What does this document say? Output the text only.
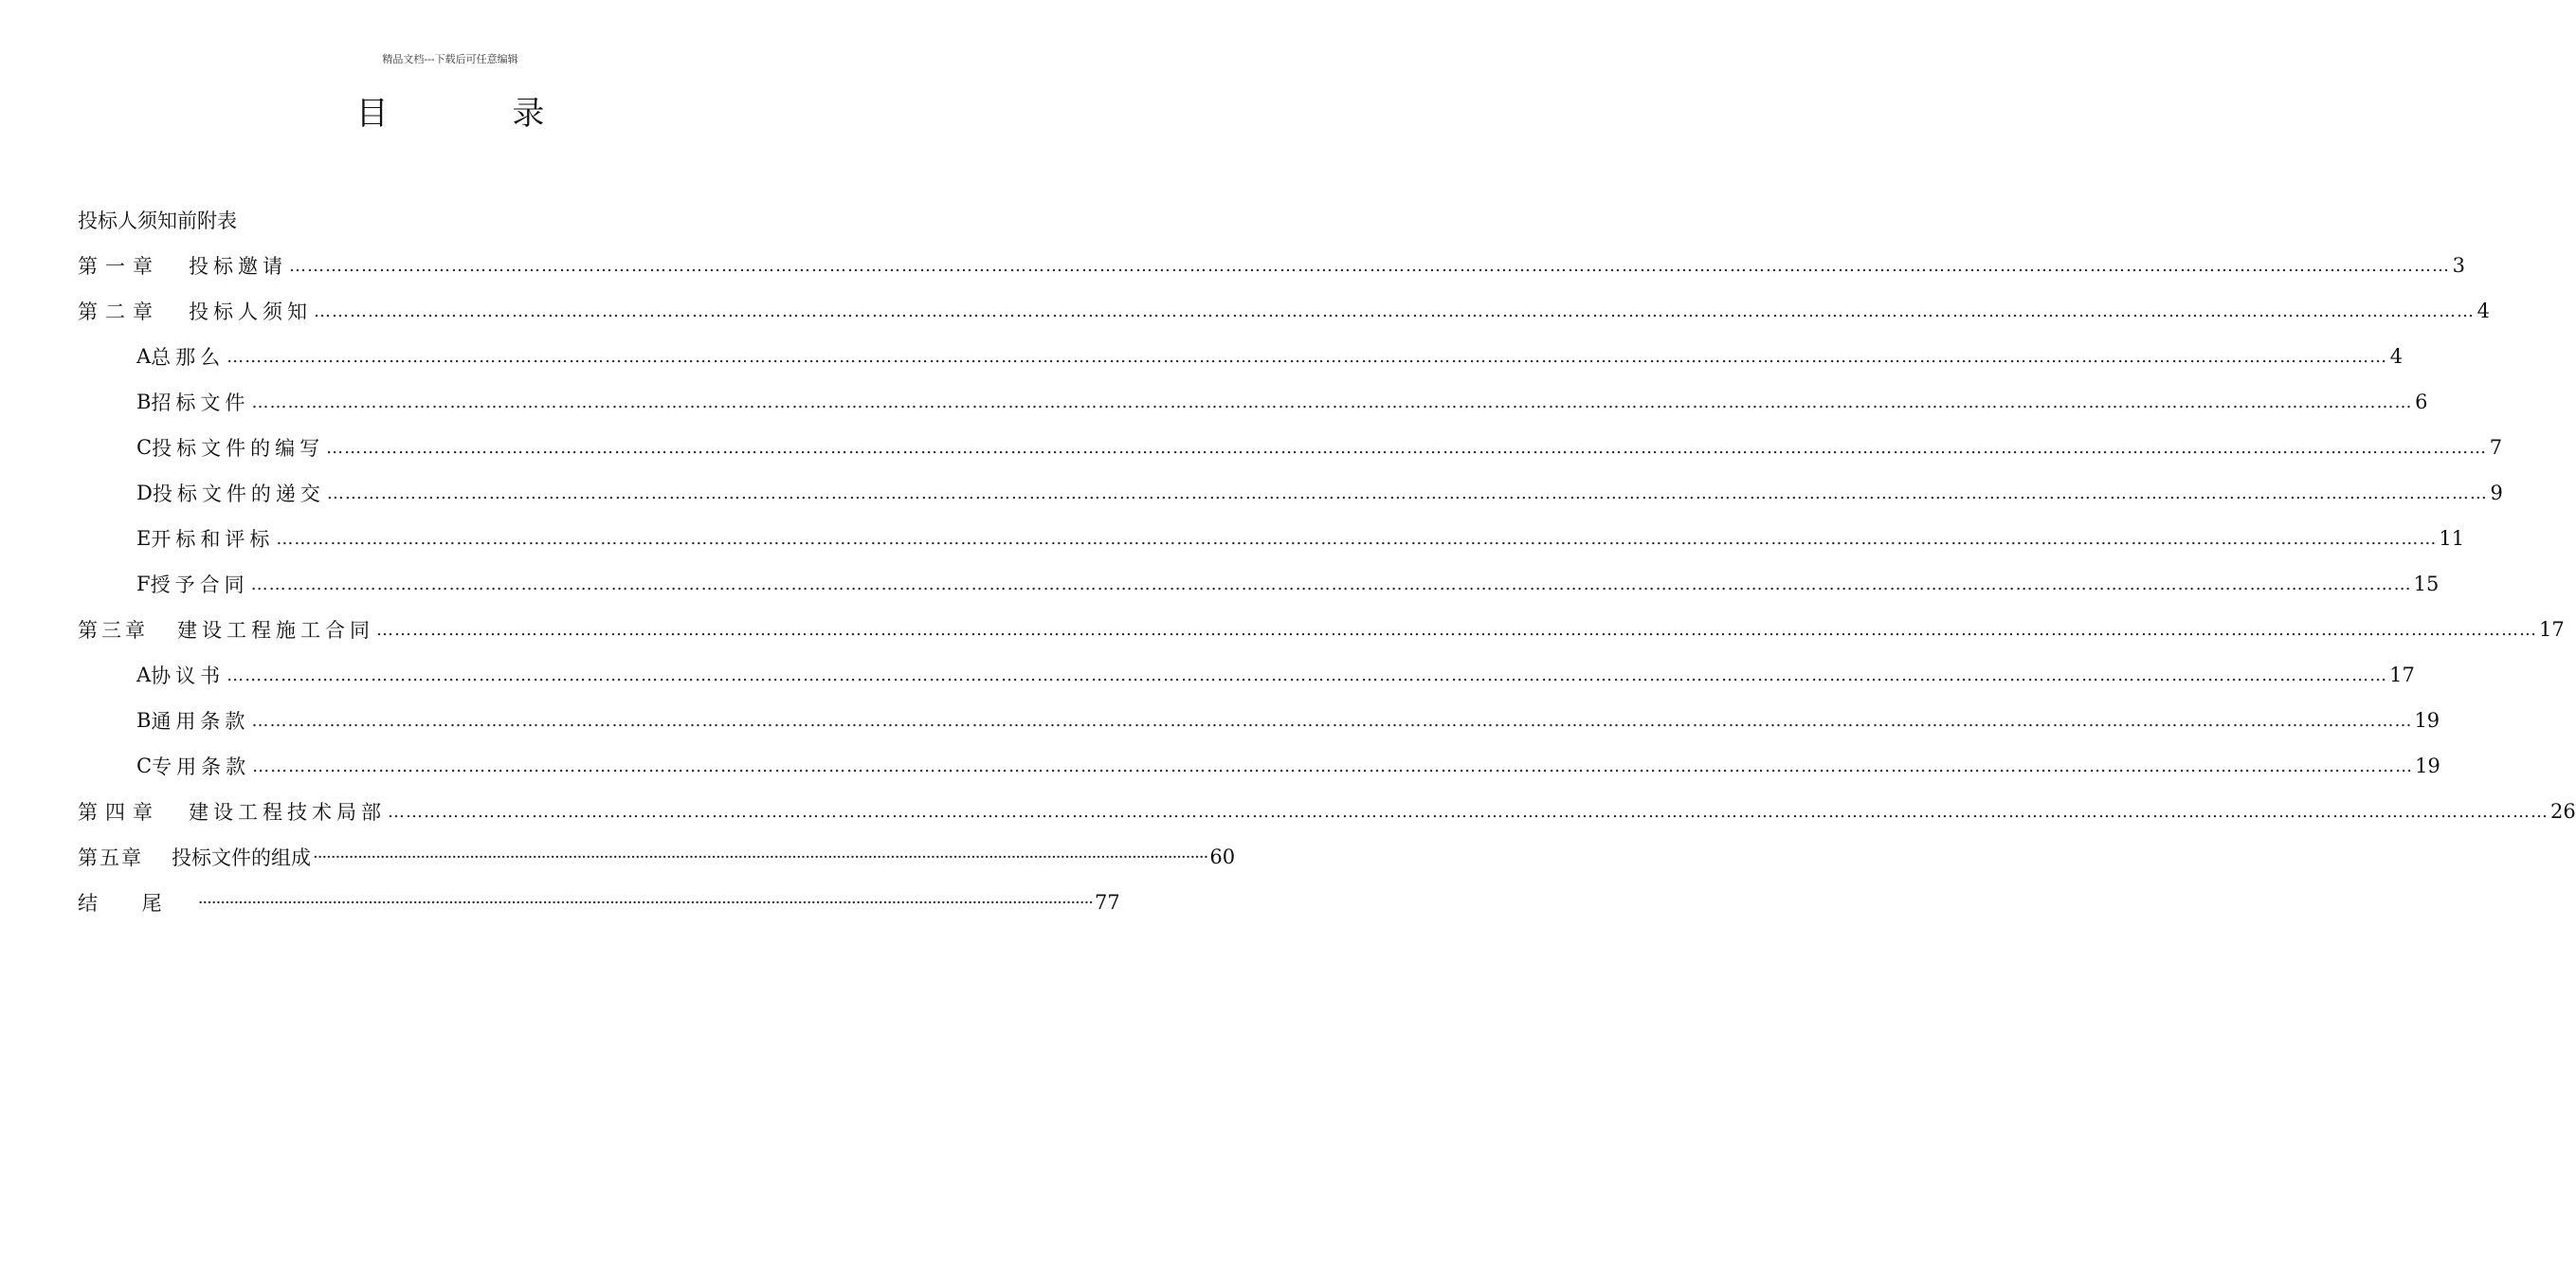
精品文档---下载后可任意编辑
目 录
投标人须知前附表
第一章 投标邀请 ……………………………………………………………………………………………………………………………………………………………………………………………………………………………………………………………………………………………………………………………… 3
第二章 投标人须知 ……………………………………………………………………………………………………………………………………………………………………………………………………………………………………………………………………………………………………………………………… 4
A 总那么 ……………………………………………………………………………………………………………………………………………………………………………………………………………………………………………………………………………………………………………………………… 4
B 招标文件 ……………………………………………………………………………………………………………………………………………………………………………………………………………………………………………………………………………………………………………………………… 6
C 投标文件的编写 ……………………………………………………………………………………………………………………………………………………………………………………………………………………………………………………………………………………………………………………………… 7
D 投标文件的递交 ……………………………………………………………………………………………………………………………………………………………………………………………………………………………………………………………………………………………………………………………… 9
E 开标和评标 ……………………………………………………………………………………………………………………………………………………………………………………………………………………………………………………………………………………………………………………………… 11
F 授予合同 ……………………………………………………………………………………………………………………………………………………………………………………………………………………………………………………………………………………………………………………………… 15
第三章 建设工程施工合同 ……………………………………………………………………………………………………………………………………………………………………………………………………………………………………………………………………………………………………………………………… 17
A 协议书 ……………………………………………………………………………………………………………………………………………………………………………………………………………………………………………………………………………………………………………………………… 17
B 通用条款 ……………………………………………………………………………………………………………………………………………………………………………………………………………………………………………………………………………………………………………………………… 19
C 专用条款 ……………………………………………………………………………………………………………………………………………………………………………………………………………………………………………………………………………………………………………………………… 19
第四章 建设工程技术局部 ……………………………………………………………………………………………………………………………………………………………………………………………………………………………………………………………………………………………………………………………… 26
第五章 投标文件的组成 ········································································································································································································ 60
结 尾 ········································································································································································································ 77
